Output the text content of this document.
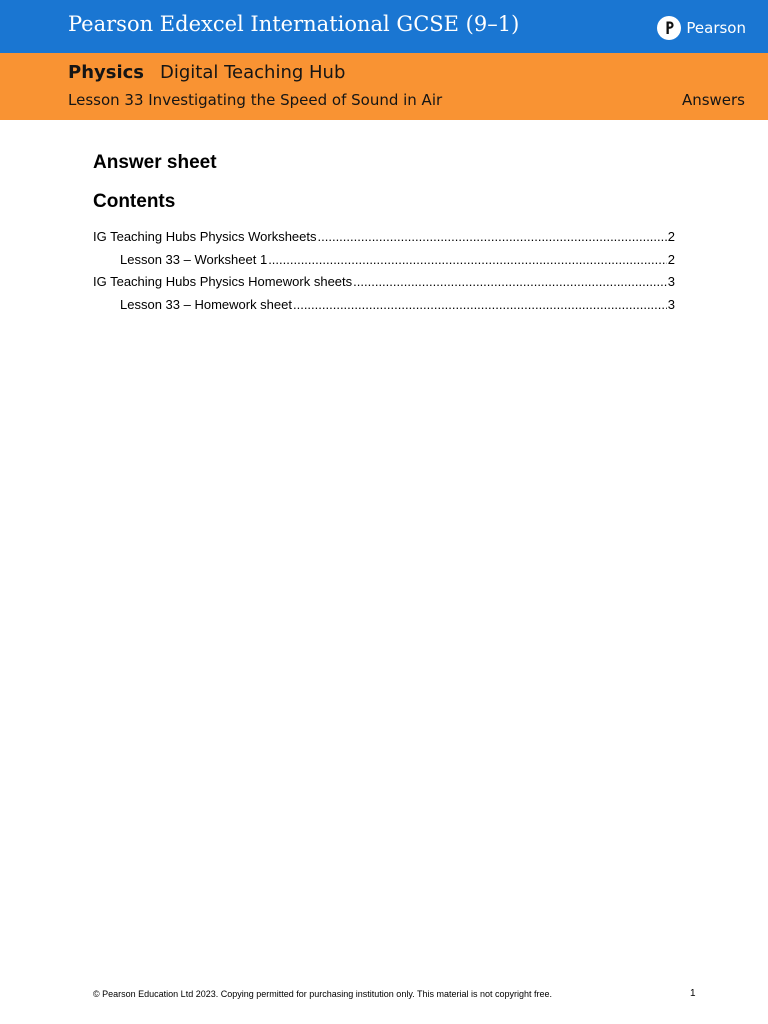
Pearson Edexcel International GCSE (9–1)	Pearson
Physics Digital Teaching Hub
Lesson 33 Investigating the Speed of Sound in Air	Answers
Answer sheet
Contents
IG Teaching Hubs Physics Worksheets .....	2
Lesson 33 – Worksheet 1 .....	2
IG Teaching Hubs Physics Homework sheets .....	3
Lesson 33 – Homework sheet .....	3
© Pearson Education Ltd 2023. Copying permitted for purchasing institution only. This material is not copyright free.	1
